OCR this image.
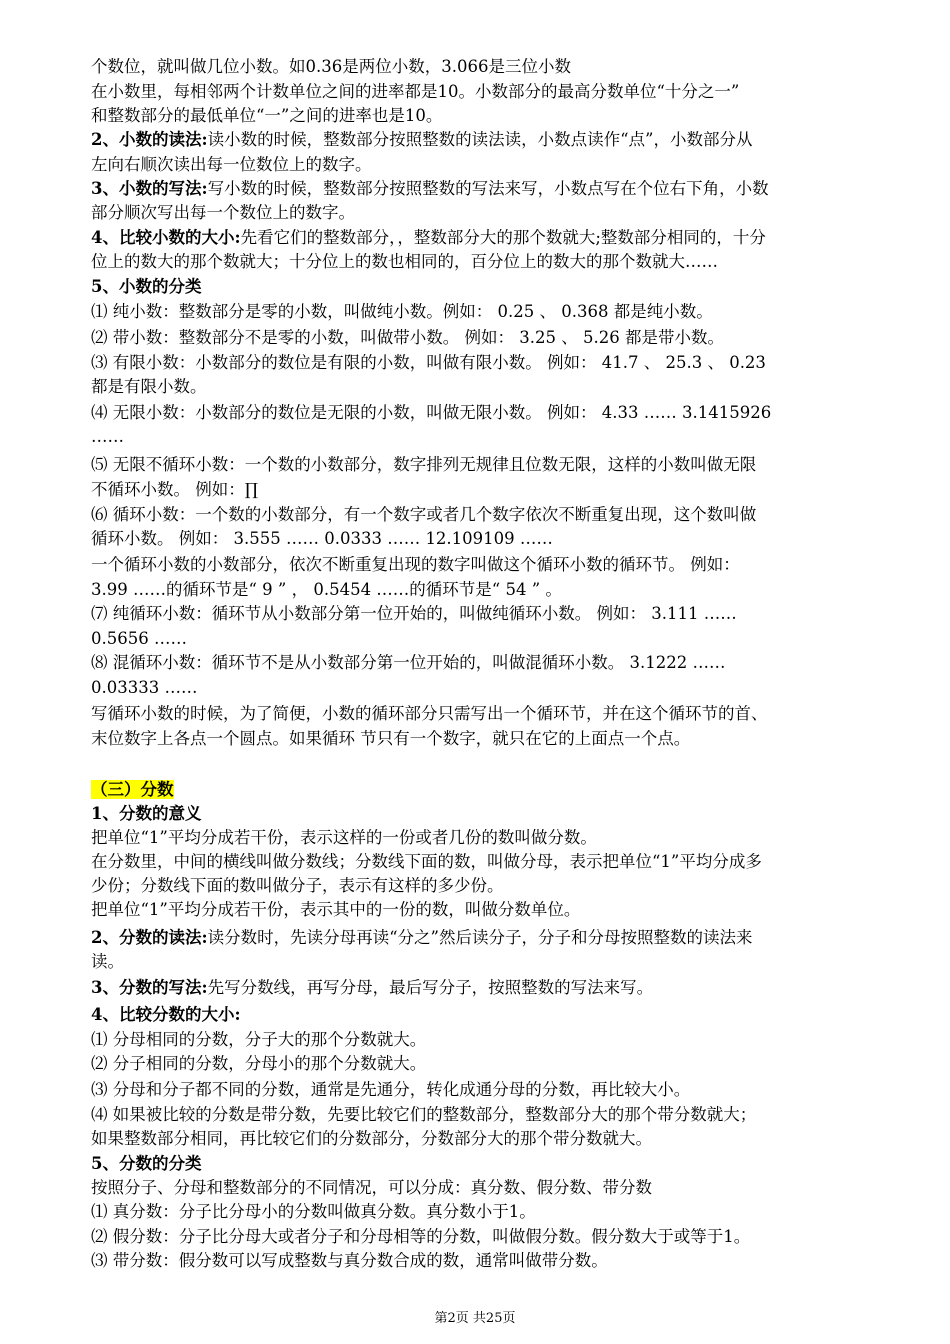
个数位，就叫做几位小数。如0.36是两位小数，3.066是三位小数
在小数里，每相邻两个计数单位之间的进率都是10。小数部分的最高分数单位“十分之一”
和整数部分的最低单位“一”之间的进率也是10。
2、小数的读法:读小数的时候，整数部分按照整数的读法读，小数点读作“点”，小数部分从
左向右顺次读出每一位数位上的数字。
3、小数的写法:写小数的时候，整数部分按照整数的写法来写，小数点写在个位右下角，小数
部分顺次写出每一个数位上的数字。
4、比较小数的大小:先看它们的整数部分，，整数部分大的那个数就大;整数部分相同的，十分
位上的数大的那个数就大；十分位上的数也相同的，百分位上的数大的那个数就大……
5、小数的分类
⑴ 纯小数：整数部分是零的小数，叫做纯小数。例如： 0.25 、 0.368 都是纯小数。
⑵ 带小数：整数部分不是零的小数，叫做带小数。 例如： 3.25 、 5.26 都是带小数。
⑶ 有限小数：小数部分的数位是有限的小数，叫做有限小数。 例如： 41.7 、 25.3 、 0.23
都是有限小数。
⑷ 无限小数：小数部分的数位是无限的小数，叫做无限小数。 例如： 4.33 …… 3.1415926
……
⑸ 无限不循环小数：一个数的小数部分，数字排列无规律且位数无限，这样的小数叫做无限
不循环小数。 例如：∏
⑹ 循环小数：一个数的小数部分，有一个数字或者几个数字依次不断重复出现，这个数叫做
循环小数。 例如： 3.555 …… 0.0333 …… 12.109109 ……
一个循环小数的小数部分，依次不断重复出现的数字叫做这个循环小数的循环节。 例如：
3.99 ……的循环节是“ 9 ” ， 0.5454 ……的循环节是“ 54 ” 。
⑺ 纯循环小数：循环节从小数部分第一位开始的，叫做纯循环小数。 例如： 3.111 ……
0.5656 ……
⑻ 混循环小数：循环节不是从小数部分第一位开始的，叫做混循环小数。 3.1222 ……
0.03333 ……
写循环小数的时候，为了简便，小数的循环部分只需写出一个循环节，并在这个循环节的首、
末位数字上各点一个圆点。如果循环 节只有一个数字，就只在它的上面点一个点。
（三）分数
1、分数的意义
把单位“1”平均分成若干份，表示这样的一份或者几份的数叫做分数。
在分数里，中间的横线叫做分数线；分数线下面的数，叫做分母，表示把单位“1”平均分成多
少份；分数线下面的数叫做分子，表示有这样的多少份。
把单位“1”平均分成若干份，表示其中的一份的数，叫做分数单位。
2、分数的读法:读分数时，先读分母再读“分之”然后读分子，分子和分母按照整数的读法来
读。
3、分数的写法:先写分数线，再写分母，最后写分子，按照整数的写法来写。
4、比较分数的大小:
⑴ 分母相同的分数，分子大的那个分数就大。
⑵ 分子相同的分数，分母小的那个分数就大。
⑶ 分母和分子都不同的分数，通常是先通分，转化成通分母的分数，再比较大小。
⑷ 如果被比较的分数是带分数，先要比较它们的整数部分，整数部分大的那个带分数就大；
如果整数部分相同，再比较它们的分数部分，分数部分大的那个带分数就大。
5、分数的分类
按照分子、分母和整数部分的不同情况，可以分成：真分数、假分数、带分数
⑴ 真分数：分子比分母小的分数叫做真分数。真分数小于1。
⑵ 假分数：分子比分母大或者分子和分母相等的分数，叫做假分数。假分数大于或等于1。
⑶ 带分数：假分数可以写成整数与真分数合成的数，通常叫做带分数。
第2页 共25页
